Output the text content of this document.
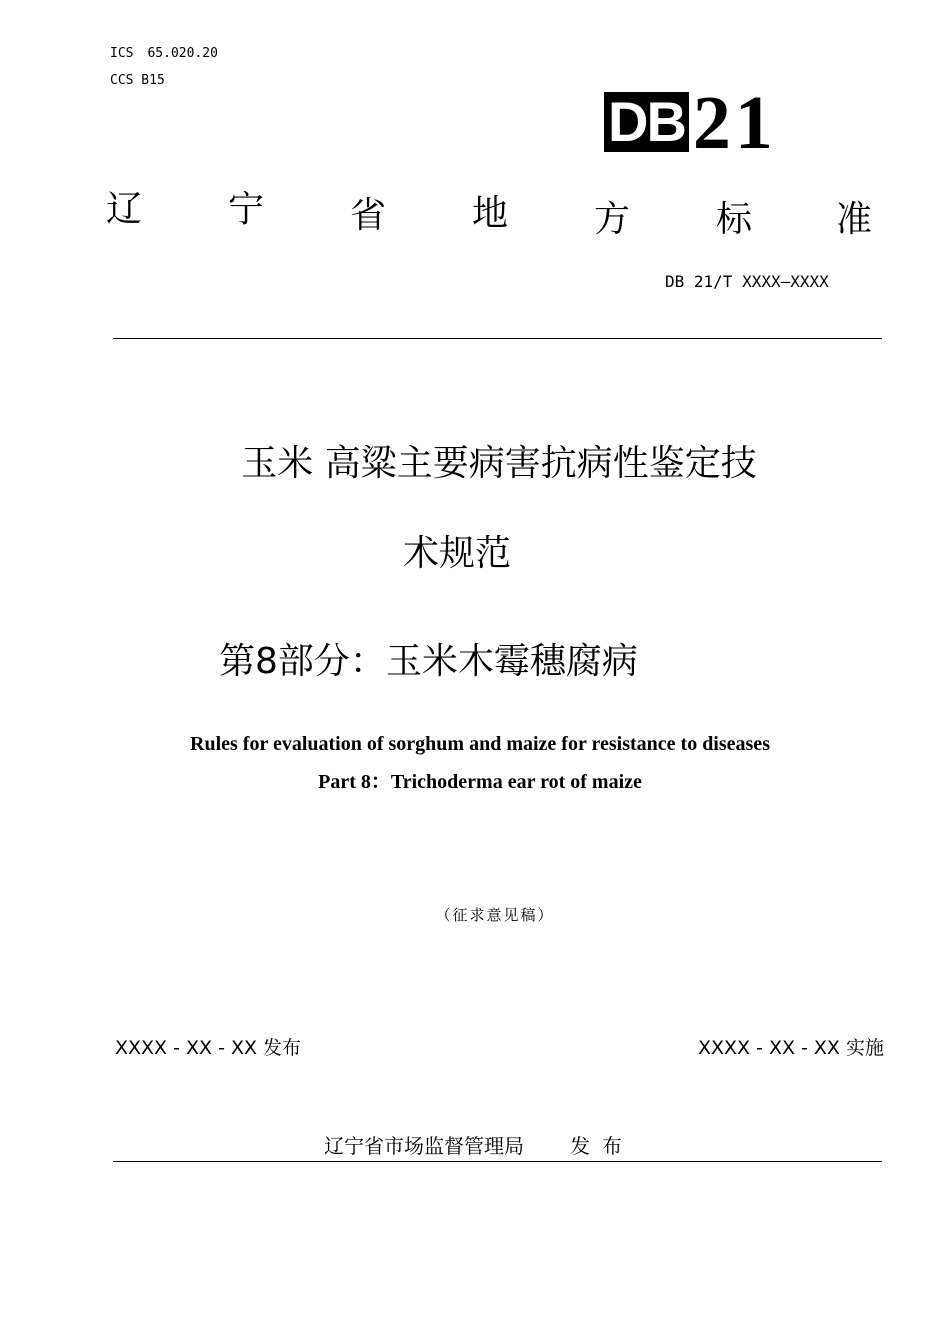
ICS 65.020.20
CCS B15
DB 21
辽 宁 省 地 方 标 准
DB 21/T XXXX—XXXX
玉米 高粱主要病害抗病性鉴定技
术规范
第8部分：玉米木霉穗腐病
Rules for evaluation of sorghum and maize for resistance to diseases
Part 8：Trichoderma ear rot of maize
（征求意见稿）
XXXX - XX - XX 发布	XXXX - XX - XX 实施
辽宁省市场监督管理局 发布
